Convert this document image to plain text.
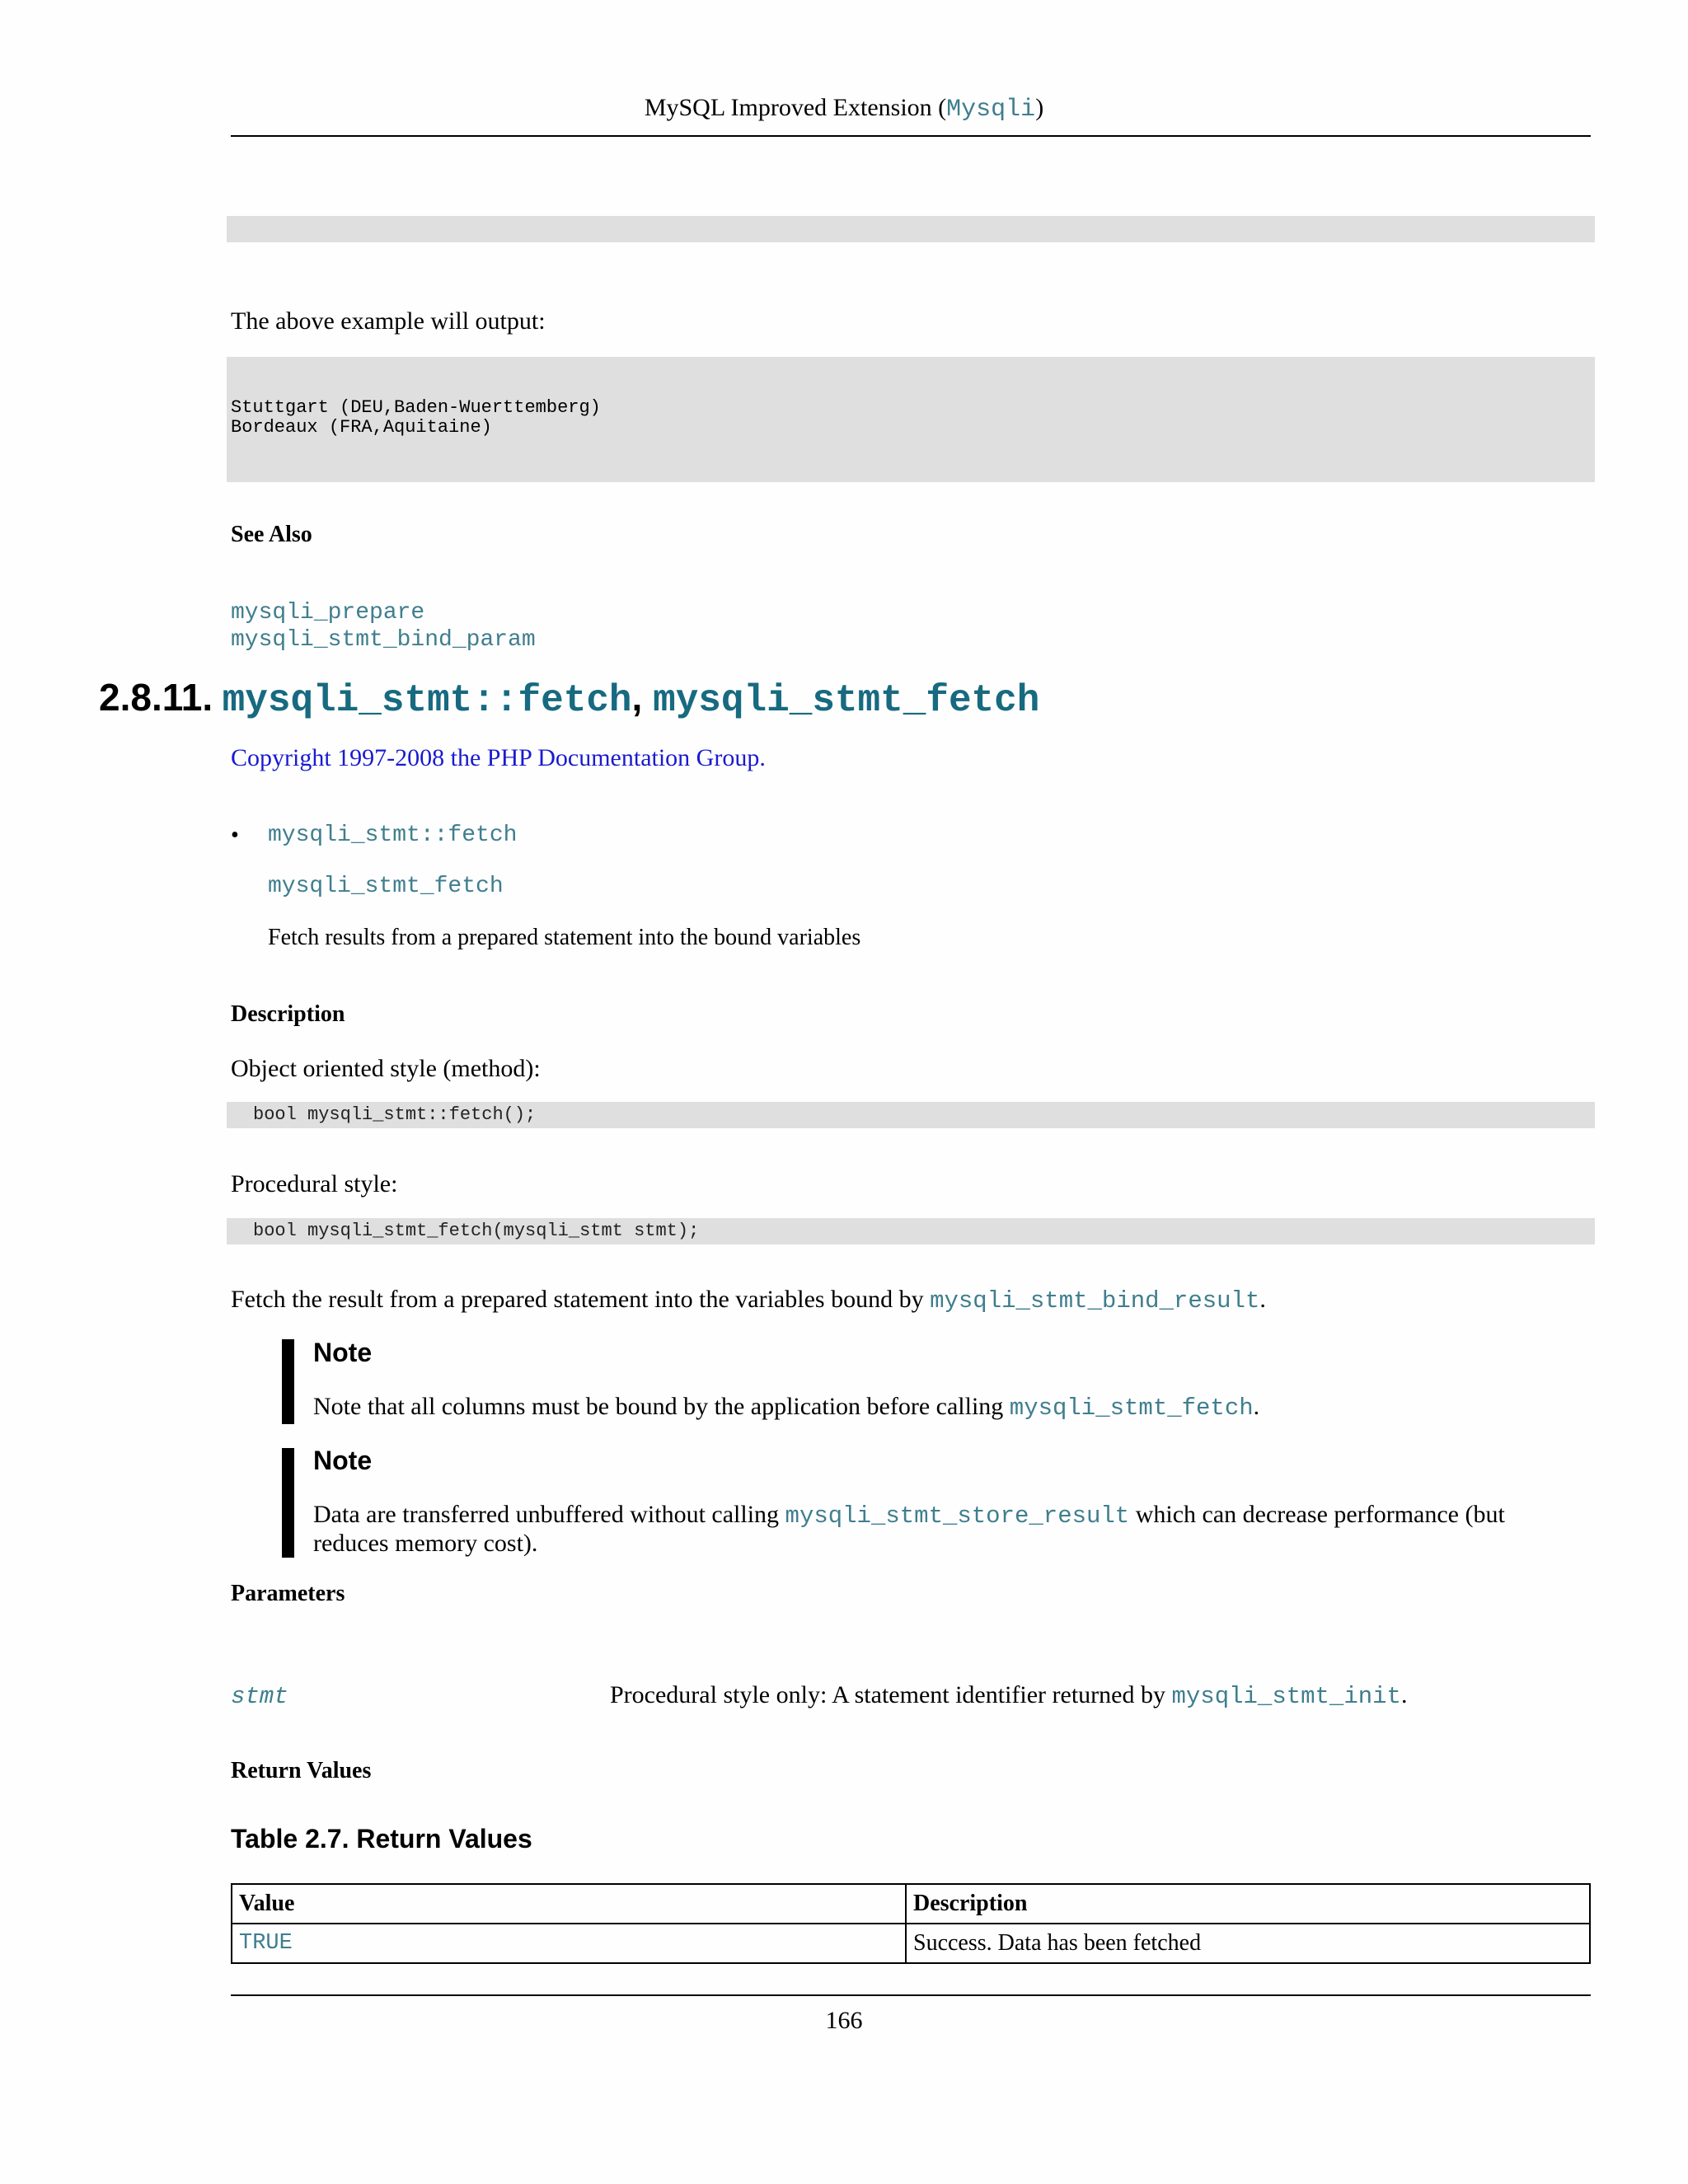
MySQL Improved Extension (Mysqli)
The above example will output:
Stuttgart (DEU,Baden-Wuerttemberg)
Bordeaux (FRA,Aquitaine)
See Also
mysqli_prepare
mysqli_stmt_bind_param
2.8.11. mysqli_stmt::fetch, mysqli_stmt_fetch
Copyright 1997-2008 the PHP Documentation Group.
• mysqli_stmt::fetch
mysqli_stmt_fetch
Fetch results from a prepared statement into the bound variables
Description
Object oriented style (method):
bool mysqli_stmt::fetch();
Procedural style:
bool mysqli_stmt_fetch(mysqli_stmt stmt);
Fetch the result from a prepared statement into the variables bound by mysqli_stmt_bind_result.
Note
Note that all columns must be bound by the application before calling mysqli_stmt_fetch.
Note
Data are transferred unbuffered without calling mysqli_stmt_store_result which can decrease performance (but
reduces memory cost).
Parameters
stmt	Procedural style only: A statement identifier returned by mysqli_stmt_init.
Return Values
Table 2.7. Return Values
Value	Description
TRUE	Success. Data has been fetched
166
